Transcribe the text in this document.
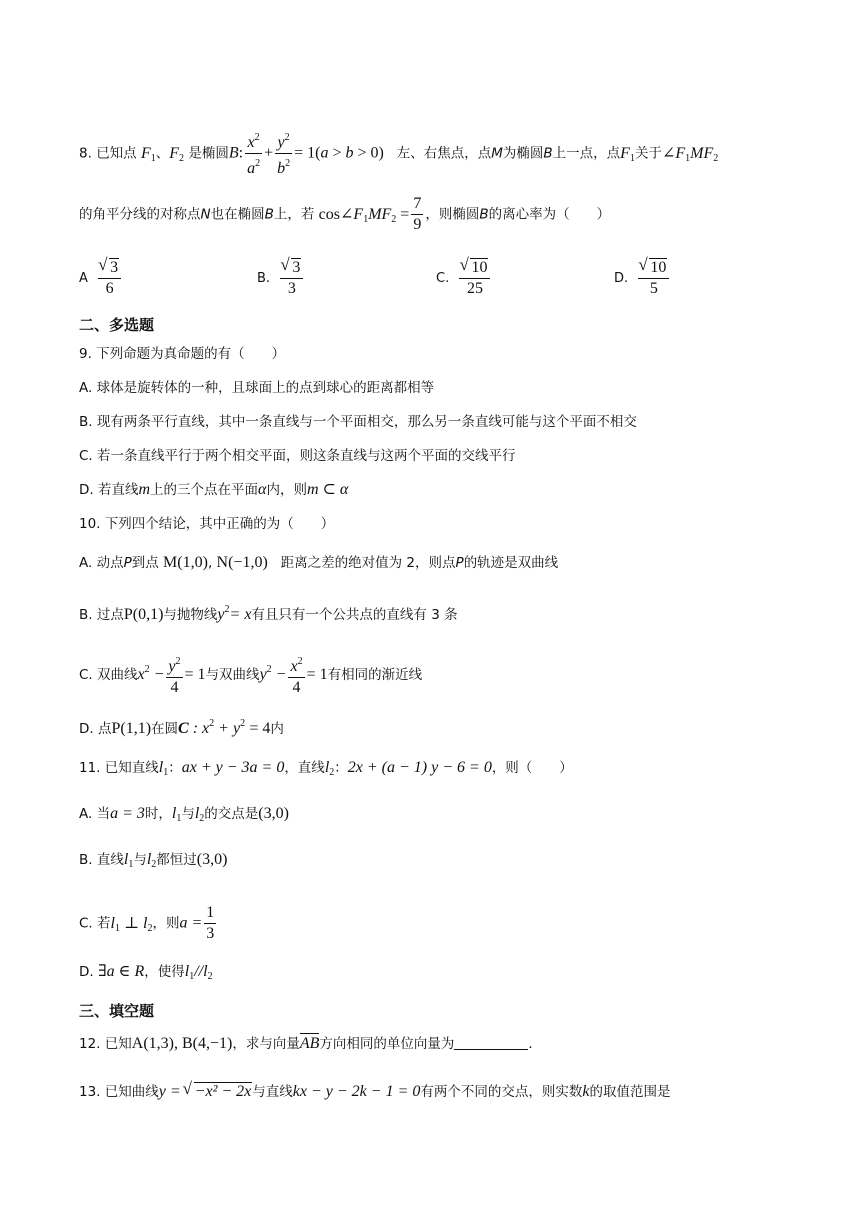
8. 已知点 $F_1$、$F_2$ 是椭圆B: $\frac{x^2}{a^2} + \frac{y^2}{b^2} = 1(a > b > 0)$ 左、右焦点，点M为椭圆B上一点，点$F_1$关于$\angle F_1MF_2$
的角平分线的对称点N也在椭圆B上，若 $\cos\angle F_1MF_2 = \frac{7}{9}$ ，则椭圆B的离心率为（　　）
A √ $\frac{3}{6}$	B. √ $\frac{3}{3}$	C. √ $\frac{10}{25}$	D. √ $\frac{10}{5}$
二、多选题
9. 下列命题为真命题的有（　　）
A. 球体是旋转体的一种，且球面上的点到球心的距离都相等
B. 现有两条平行直线，其中一条直线与一个平面相交，那么另一条直线可能与这个平面不相交
C. 若一条直线平行于两个相交平面，则这条直线与这两个平面的交线平行
D. 若直线m上的三个点在平面α内，则m ⊂ α
10. 下列四个结论，其中正确的为（　　）
A. 动点P到点 M(1,0), N(−1,0) 距离之差的绝对值为 2，则点P的轨迹是双曲线
B. 过点P(0,1)与抛物线$y^2= x$有且只有一个公共点的直线有 3 条
C. 双曲线$x^2 - \frac{y^2}{4} = 1$与双曲线$y^2 - \frac{x^2}{4} = 1$有相同的渐近线
D. 点P(1,1)在圆C : $x^2 + y^2 = 4$内
11. 已知直线$l_1$：ax + y − 3a = 0，直线$l_2$：2x + (a − 1) y − 6 = 0，则（　　）
A. 当a = 3时，$l_1$与$l_2$的交点是(3,0)
B. 直线$l_1$与$l_2$都恒过(3,0)
C. 若$l_1$ ⊥ $l_2$，则$a = \frac{1}{3}$
D. ∃a ∈ R，使得$l_1//l_2$
三、填空题
12. 已知A(1,3), B(4,−1)，求与向量AB方向相同的单位向量为	.
13. 已知曲线y = √ −x² − 2x与直线kx − y − 2k − 1 = 0有两个不同的交点，则实数k的取值范围是
